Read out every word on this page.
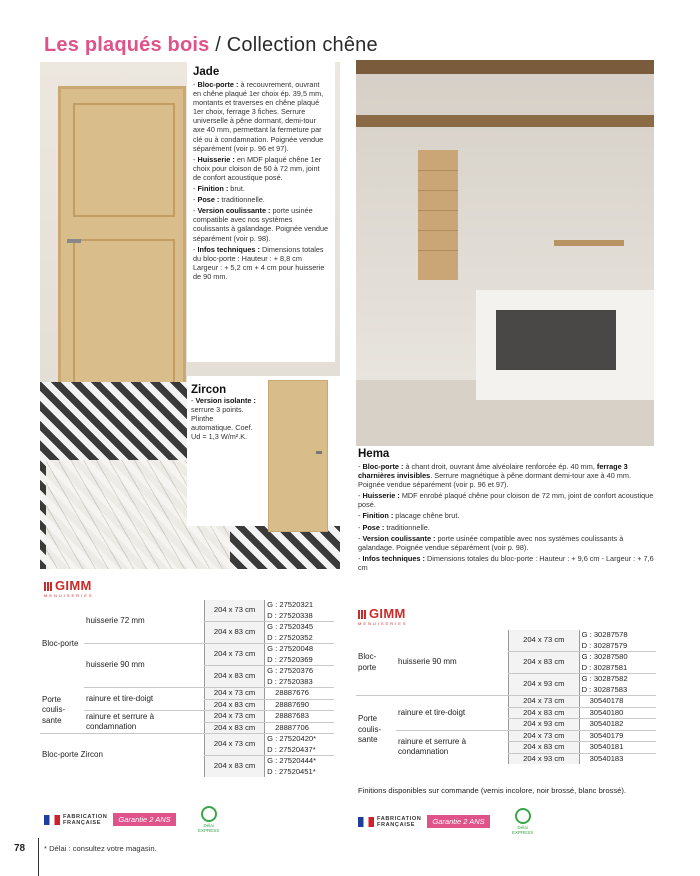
Les plaqués bois / Collection chêne
Jade
- Bloc-porte : à recouvrement, ouvrant en chêne plaqué 1er choix ép. 39,5 mm, montants et traverses en chêne plaqué 1er choix, ferrage 3 fiches. Serrure universelle à pêne dormant, demi-tour axe 40 mm, permettant la fermeture par clé ou à condamnation. Poignée vendue séparément (voir p. 96 et 97).
- Huisserie : en MDF plaqué chêne 1er choix pour cloison de 50 à 72 mm, joint de confort acoustique posé.
- Finition : brut.
- Pose : traditionnelle.
- Version coulissante : porte usinée compatible avec nos systèmes coulissants à galandage. Poignée vendue séparément (voir p. 98).
- Infos techniques : Dimensions totales du bloc-porte : Hauteur : + 8,8 cm Largeur : + 5,2 cm + 4 cm pour huisserie de 90 mm.
Zircon
- Version isolante : serrure 3 points. Plinthe automatique. Coef. Ud = 1,3 W/m².K.
Hema
- Bloc-porte : à chant droit, ouvrant âme alvéolaire renforcée ép. 40 mm, ferrage 3 charnières invisibles. Serrure magnétique à pêne dormant demi-tour axe à 40 mm. Poignée vendue séparément (voir p. 96 et 97).
- Huisserie : MDF enrobé plaqué chêne pour cloison de 72 mm, joint de confort acoustique posé.
- Finition : placage chêne brut.
- Pose : traditionnelle.
- Version coulissante : porte usinée compatible avec nos systèmes coulissants à galandage. Poignée vendue séparément (voir p. 98).
- Infos techniques : Dimensions totales du bloc-porte : Hauteur : + 9,6 cm - Largeur : + 7,6 cm
GIMM
MENUISERIES
GIMM
MENUISERIES
Bloc-porte	huisserie 72 mm	204 x 73 cm	G : 27520321
D : 27520338
		204 x 83 cm	G : 27520345
D : 27520352
	huisserie 90 mm	204 x 73 cm	G : 27520048
D : 27520369
		204 x 83 cm	G : 27520376
D : 27520383
Porte coulis-sante	rainure et tire-doigt	204 x 73 cm	28887676
		204 x 83 cm	28887690
	rainure et serrure à condamnation	204 x 73 cm	28887683
		204 x 83 cm	28887706
Bloc-porte Zircon		204 x 73 cm	G : 27520420*
D : 27520437*
		204 x 83 cm	G : 27520444*
D : 27520451*
Bloc-porte	huisserie 90 mm	204 x 73 cm	G : 30287578
D : 30287579
		204 x 83 cm	G : 30287580
D : 30287581
		204 x 93 cm	G : 30287582
D : 30287583
Porte coulis-sante	rainure et tire-doigt	204 x 73 cm	30540178
		204 x 83 cm	30540180
		204 x 93 cm	30540182
	rainure et serrure à condamnation	204 x 73 cm	30540179
		204 x 83 cm	30540181
		204 x 93 cm	30540183
Finitions disponibles sur commande (vernis incolore, noir brossé, blanc brossé).
FABRICATION
FRANÇAISE Garantie 2 ANS
Délai
EXPRESS
FABRICATION
FRANÇAISE Garantie 2 ANS
Délai
EXPRESS
78 * Délai : consultez votre magasin.
